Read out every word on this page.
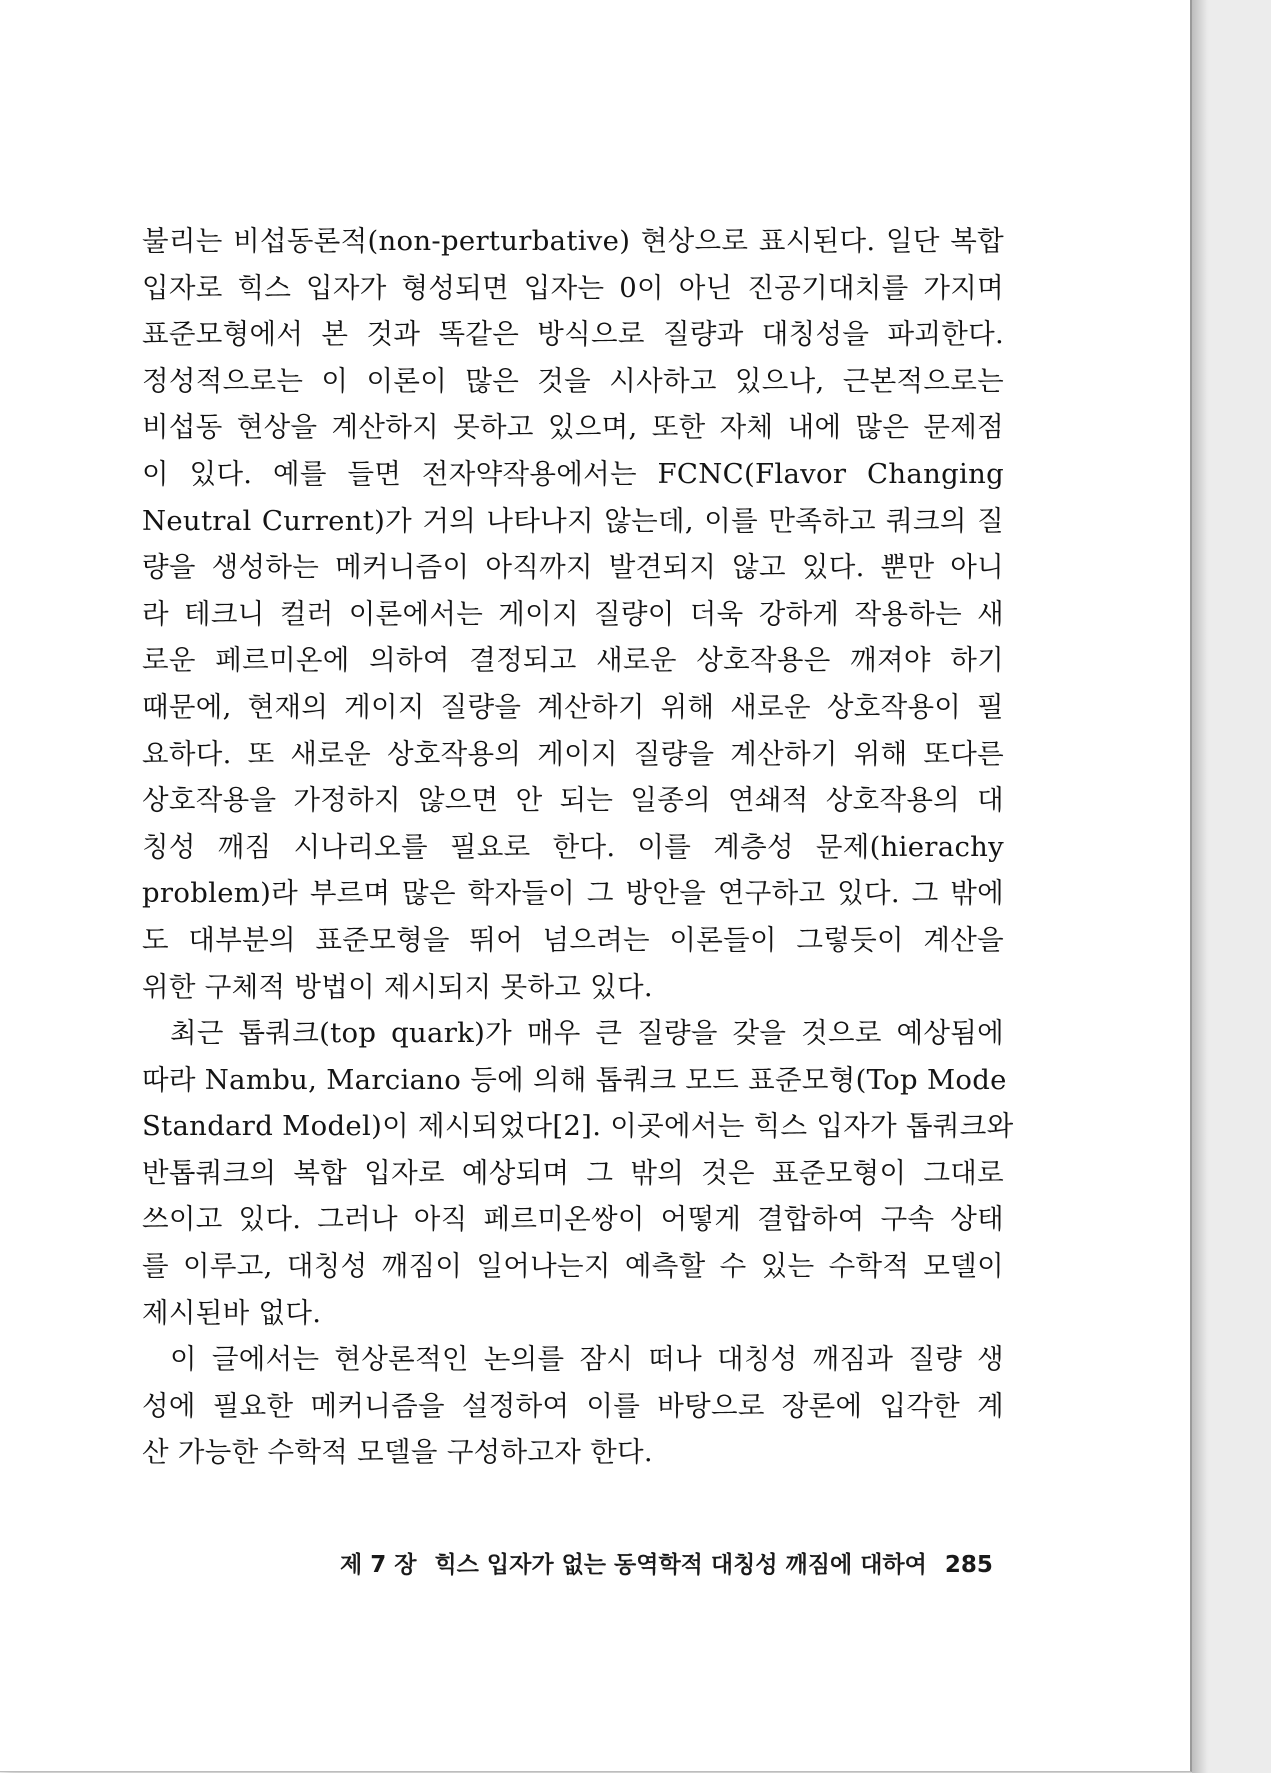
불리는 비섭동론적(non-perturbative) 현상으로 표시된다. 일단 복합
입자로 힉스 입자가 형성되면 입자는 0이 아닌 진공기대치를 가지며
표준모형에서 본 것과 똑같은 방식으로 질량과 대칭성을 파괴한다.
정성적으로는 이 이론이 많은 것을 시사하고 있으나, 근본적으로는
비섭동 현상을 계산하지 못하고 있으며, 또한 자체 내에 많은 문제점
이 있다. 예를 들면 전자약작용에서는 FCNC(Flavor Changing
Neutral Current)가 거의 나타나지 않는데, 이를 만족하고 쿼크의 질
량을 생성하는 메커니즘이 아직까지 발견되지 않고 있다. 뿐만 아니
라 테크니 컬러 이론에서는 게이지 질량이 더욱 강하게 작용하는 새
로운 페르미온에 의하여 결정되고 새로운 상호작용은 깨져야 하기
때문에, 현재의 게이지 질량을 계산하기 위해 새로운 상호작용이 필
요하다. 또 새로운 상호작용의 게이지 질량을 계산하기 위해 또다른
상호작용을 가정하지 않으면 안 되는 일종의 연쇄적 상호작용의 대
칭성 깨짐 시나리오를 필요로 한다. 이를 계층성 문제(hierachy
problem)라 부르며 많은 학자들이 그 방안을 연구하고 있다. 그 밖에
도 대부분의 표준모형을 뛰어 넘으려는 이론들이 그렇듯이 계산을
위한 구체적 방법이 제시되지 못하고 있다.
최근 톱쿼크(top quark)가 매우 큰 질량을 갖을 것으로 예상됨에
따라 Nambu, Marciano 등에 의해 톱쿼크 모드 표준모형(Top Mode
Standard Model)이 제시되었다[2]. 이곳에서는 힉스 입자가 톱쿼크와
반톱쿼크의 복합 입자로 예상되며 그 밖의 것은 표준모형이 그대로
쓰이고 있다. 그러나 아직 페르미온쌍이 어떻게 결합하여 구속 상태
를 이루고, 대칭성 깨짐이 일어나는지 예측할 수 있는 수학적 모델이
제시된바 없다.
이 글에서는 현상론적인 논의를 잠시 떠나 대칭성 깨짐과 질량 생
성에 필요한 메커니즘을 설정하여 이를 바탕으로 장론에 입각한 계
산 가능한 수학적 모델을 구성하고자 한다.
제 7 장 힉스 입자가 없는 동역학적 대칭성 깨짐에 대하여 285
